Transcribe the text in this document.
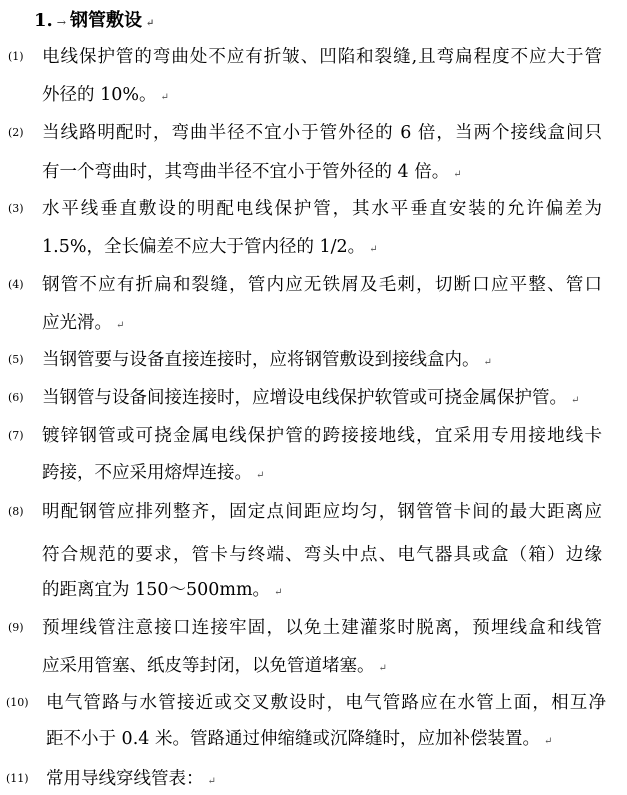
1. → 钢管敷设 ↵
(1) 电线保护管的弯曲处不应有折皱、凹陷和裂缝,且弯扁程度不应大于管
外径的 10%。 ↵
(2) 当线路明配时，弯曲半径不宜小于管外径的 6 倍，当两个接线盒间只
有一个弯曲时，其弯曲半径不宜小于管外径的 4 倍。 ↵
(3) 水平线垂直敷设的明配电线保护管，其水平垂直安装的允许偏差为
1.5%，全长偏差不应大于管内径的 1/2。 ↵
(4) 钢管不应有折扁和裂缝，管内应无铁屑及毛刺，切断口应平整、管口
应光滑。 ↵
(5) 当钢管要与设备直接连接时，应将钢管敷设到接线盒内。 ↵
(6) 当钢管与设备间接连接时，应增设电线保护软管或可挠金属保护管。 ↵
(7) 镀锌钢管或可挠金属电线保护管的跨接接地线，宜采用专用接地线卡
跨接，不应采用熔焊连接。 ↵
(8) 明配钢管应排列整齐，固定点间距应均匀，钢管管卡间的最大距离应
符合规范的要求，管卡与终端、弯头中点、电气器具或盒（箱）边缘
的距离宜为 150～500mm。 ↵
(9) 预埋线管注意接口连接牢固，以免土建灌浆时脱离，预埋线盒和线管
应采用管塞、纸皮等封闭，以免管道堵塞。 ↵
(10) 电气管路与水管接近或交叉敷设时，电气管路应在水管上面，相互净
距不小于 0.4 米。管路通过伸缩缝或沉降缝时，应加补偿装置。 ↵
(11) 常用导线穿线管表： ↵
